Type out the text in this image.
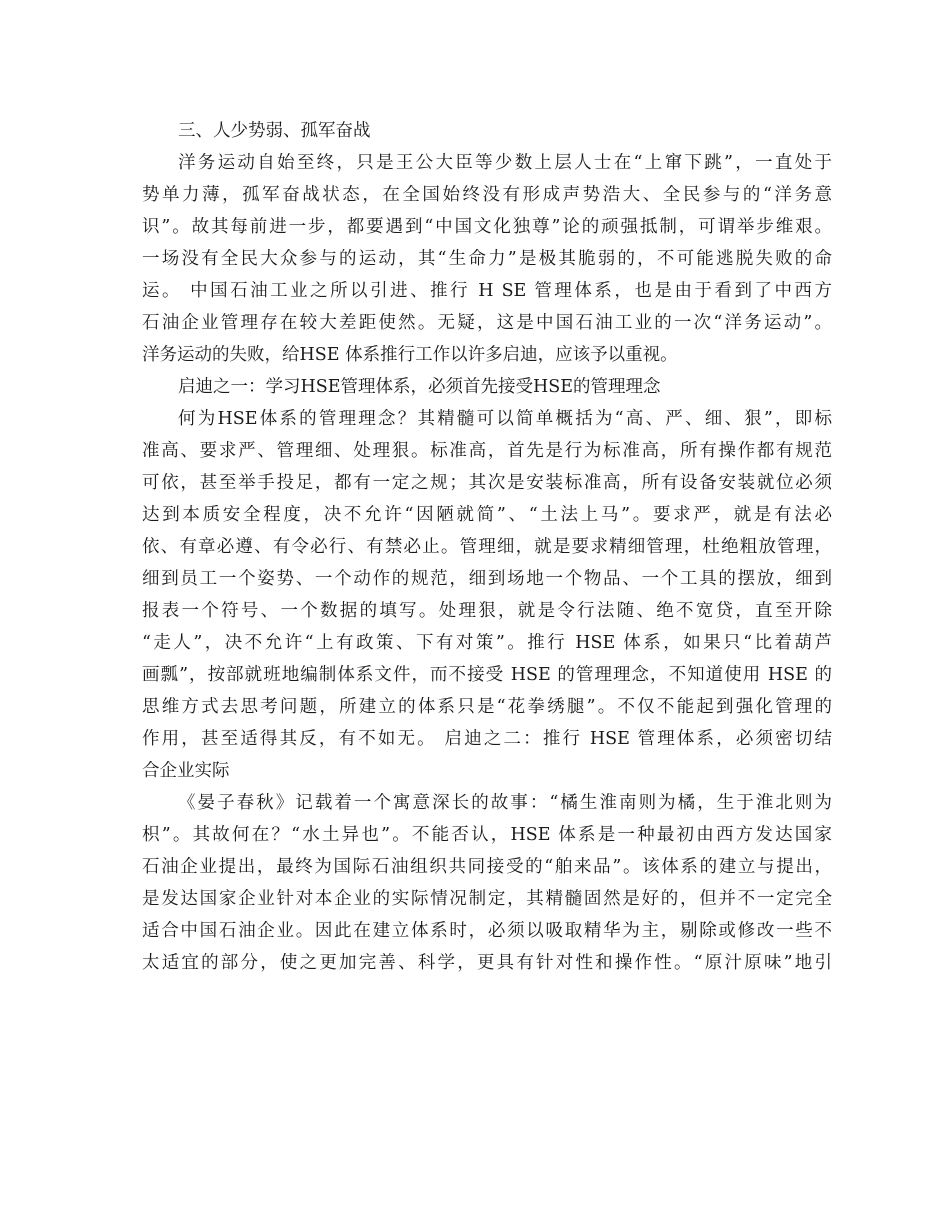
三、人少势弱、孤军奋战
洋务运动自始至终，只是王公大臣等少数上层人士在“上窜下跳”，一直处于
势单力薄，孤军奋战状态，在全国始终没有形成声势浩大、全民参与的“洋务意
识”。故其每前进一步，都要遇到“中国文化独尊”论的顽强抵制，可谓举步维艰。
一场没有全民大众参与的运动，其“生命力”是极其脆弱的，不可能逃脱失败的命
运。 中国石油工业之所以引进、推行 H SE 管理体系，也是由于看到了中西方
石油企业管理存在较大差距使然。无疑，这是中国石油工业的一次“洋务运动”。
洋务运动的失败，给HSE 体系推行工作以许多启迪，应该予以重视。
启迪之一：学习HSE管理体系，必须首先接受HSE的管理理念
何为HSE体系的管理理念？其精髓可以简单概括为“高、严、细、狠”，即标
准高、要求严、管理细、处理狠。标准高，首先是行为标准高，所有操作都有规范
可依，甚至举手投足，都有一定之规；其次是安装标准高，所有设备安装就位必须
达到本质安全程度，决不允许“因陋就简”、“土法上马”。要求严，就是有法必
依、有章必遵、有令必行、有禁必止。管理细，就是要求精细管理，杜绝粗放管理，
细到员工一个姿势、一个动作的规范，细到场地一个物品、一个工具的摆放，细到
报表一个符号、一个数据的填写。处理狠，就是令行法随、绝不宽贷，直至开除
“走人”，决不允许“上有政策、下有对策”。推行 HSE 体系，如果只“比着葫芦
画瓢”，按部就班地编制体系文件，而不接受 HSE 的管理理念，不知道使用 HSE 的
思维方式去思考问题，所建立的体系只是“花拳绣腿”。不仅不能起到强化管理的
作用，甚至适得其反，有不如无。 启迪之二：推行 HSE 管理体系，必须密切结
合企业实际
《晏子春秋》记载着一个寓意深长的故事：“橘生淮南则为橘，生于淮北则为
枳”。其故何在？“水土异也”。不能否认，HSE 体系是一种最初由西方发达国家
石油企业提出，最终为国际石油组织共同接受的“舶来品”。该体系的建立与提出，
是发达国家企业针对本企业的实际情况制定，其精髓固然是好的，但并不一定完全
适合中国石油企业。因此在建立体系时，必须以吸取精华为主，剔除或修改一些不
太适宜的部分，使之更加完善、科学，更具有针对性和操作性。“原汁原味”地引
